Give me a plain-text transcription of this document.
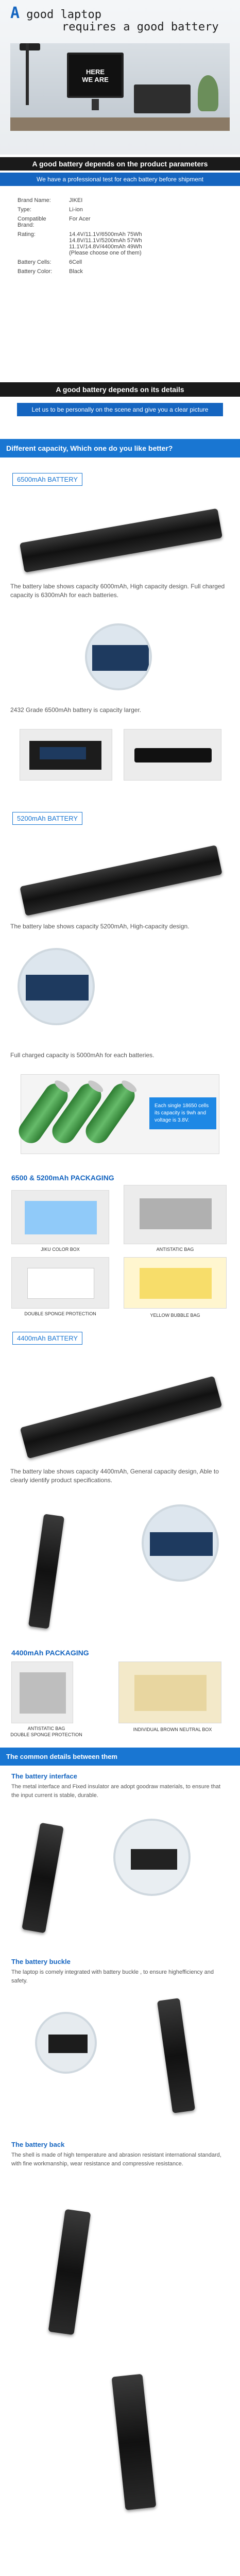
A good laptop
requires a good battery
HERE
WE ARE
A good battery depends on the product parameters
We have a professional test for each battery before shipment
Brand Name:	JIKEI
Type:	Li-ion
Compatible Brand:	For Acer
Rating:	14.4V/11.1V/6500mAh 75Wh
14.8V/11.1V/5200mAh 57Wh
11.1V/14.8V/4400mAh 49Wh
(Please choose one of them)
Battery Cells:	6Cell
Battery Color:	Black
A good battery depends on its details
Let us to be personally on the scene and give you a clear picture
Different capacity, Which one do you like better?
6500mAh BATTERY
The battery labe shows capacity 6000mAh, High capacity design. Full charged capacity is 6300mAh for each batteries.
2432 Grade 6500mAh battery is capacity larger.
5200mAh BATTERY
The battery labe shows capacity 5200mAh, High-capacity design.
Full charged capacity is 5000mAh for each batteries.
Each single 18650 cells its capacity is 9wh and voltage is 3.8V.
6500 & 5200mAh PACKAGING
JIKU COLOR BOX	ANTISTATIC BAG
DOUBLE SPONGE PROTECTION	YELLOW BUBBLE BAG
4400mAh BATTERY
The battery labe shows capacity 4400mAh, General capacity design, Able to clearly identify product specifications.
4400mAh PACKAGING
ANTISTATIC BAG
DOUBLE SPONGE PROTECTION
INDIVIDUAL BROWN NEUTRAL BOX
The common details between them
The battery interface
The metal interface and Fixed insulator are adopt goodraw materials, to ensure that the input current is stable, durable.
The battery buckle
The laptop is comely integrated with battery buckle , to ensure highefficiency and safety.
The battery back
The shell is made of high temperature and abrasion resistant international standard, with fine workmanship, wear resistance and compressive resistance.
